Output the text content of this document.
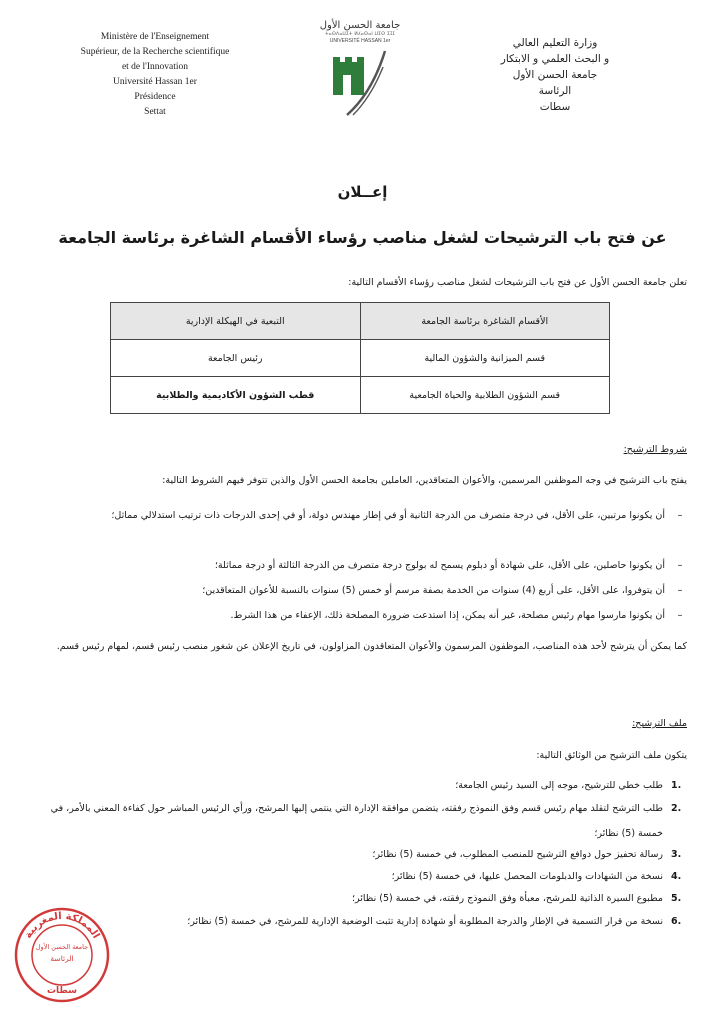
Ministère de l'Enseignement
Supérieur, de la Recherche scientifique
et de l'Innovation
Université Hassan 1er
Présidence
Settat
جامعة الحسن الأول
ⵜⴰⵙⴷⴰⵡⵉⵜ ⵍⵃⴰⵙⴰⵏ ⵡⵉⵙ ⵉⵊⵊ
UNIVERSITÉ HASSAN 1er	وزارة التعليم العالي
و البحث العلمي و الابتكار
جامعة الحسن الأول
الرئاسة
سطات
إعــلان
عن فتح باب الترشيحات لشغل مناصب رؤساء الأقسام الشاغرة برئاسة الجامعة
تعلن جامعة الحسن الأول عن فتح باب الترشيحات لشغل مناصب رؤساء الأقسام التالية:
الأقسام الشاغرة برئاسة الجامعة	التبعية في الهيكلة الإدارية
قسم الميزانية والشؤون المالية	رئيس الجامعة
قسم الشؤون الطلابية والحياة الجامعية	قطب الشؤون الأكاديمية والطلابية
شروط الترشيح:
يفتح باب الترشيح في وجه الموظفين المرسمين، والأعوان المتعاقدين، العاملين بجامعة الحسن الأول والذين تتوفر فيهم الشروط التالية:
–
أن يكونوا مرتبين، على الأقل، في درجة متصرف من الدرجة الثانية أو في إطار مهندس دولة، أو في إحدى الدرجات ذات ترتيب استدلالي مماثل؛
–
أن يكونوا حاصلين، على الأقل، على شهادة أو دبلوم يسمح له بولوج درجة متصرف من الدرجة الثالثة أو درجة مماثلة؛
–
أن يتوفروا، على الأقل، على أربع (4) سنوات من الخدمة بصفة مرسم أو خمس (5) سنوات بالنسبة للأعوان المتعاقدين؛
–
أن يكونوا مارسوا مهام رئيس مصلحة، غير أنه يمكن، إذا استدعت ضرورة المصلحة ذلك، الإعفاء من هذا الشرط.
كما يمكن أن يترشح لأحد هذه المناصب، الموظفون المرسمون والأعوان المتعاقدون المزاولون، في تاريخ الإعلان عن شغور منصب رئيس قسم، لمهام رئيس قسم.
ملف الترشيح:
يتكون ملف الترشيح من الوثائق التالية:
1.
طلب خطي للترشيح، موجه إلى السيد رئيس الجامعة؛
2.
طلب الترشح لتقلد مهام رئيس قسم وفق النموذج رفقته، يتضمن موافقة الإدارة التي ينتمي إليها المرشح، ورأي الرئيس المباشر حول كفاءة المعني بالأمر، في خمسة (5) نظائر؛
3.
رسالة تحفيز حول دوافع الترشيح للمنصب المطلوب، في خمسة (5) نظائر؛
4.
نسخة من الشهادات والدبلومات المحصل عليها، في خمسة (5) نظائر؛
5.
مطبوع السيرة الذاتية للمرشح، معبأة وفق النموذج رفقته، في خمسة (5) نظائر؛
6.
نسخة من قرار التسمية في الإطار والدرجة المطلوبة أو شهادة إدارية تثبت الوضعية الإدارية للمرشح، في خمسة (5) نظائر؛
المملكة المغربية
جامعة الحسن الأول
الرئاسة
سطات
